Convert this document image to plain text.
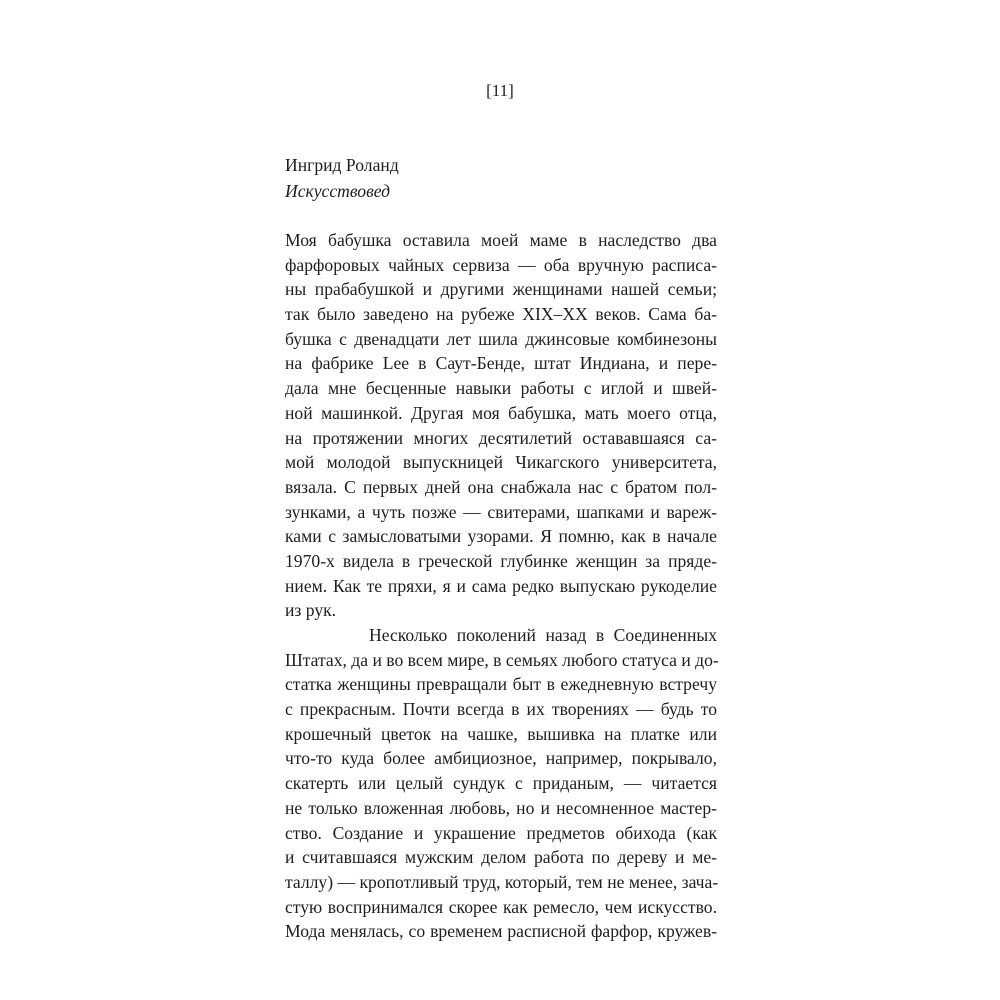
[11]
Ингрид Роланд
Искусствовед
Моя бабушка оставила моей маме в наследство два
фарфоровых чайных сервиза — оба вручную расписа-
ны прабабушкой и другими женщинами нашей семьи;
так было заведено на рубеже XIX–XX веков. Сама ба-
бушка с двенадцати лет шила джинсовые комбинезоны
на фабрике Lee в Саут-Бенде, штат Индиана, и пере-
дала мне бесценные навыки работы с иглой и швей-
ной машинкой. Другая моя бабушка, мать моего отца,
на протяжении многих десятилетий остававшаяся са-
мой молодой выпускницей Чикагского университета,
вязала. С первых дней она снабжала нас с братом пол-
зунками, а чуть позже — свитерами, шапками и вареж-
ками с замысловатыми узорами. Я помню, как в начале
1970-х видела в греческой глубинке женщин за пряде-
нием. Как те пряхи, я и сама редко выпускаю рукоделие
из рук.
Несколько поколений назад в Соединенных
Штатах, да и во всем мире, в семьях любого статуса и до-
статка женщины превращали быт в ежедневную встречу
с прекрасным. Почти всегда в их творениях — будь то
крошечный цветок на чашке, вышивка на платке или
что-то куда более амбициозное, например, покрывало,
скатерть или целый сундук с приданым, — читается
не только вложенная любовь, но и несомненное мастер-
ство. Создание и украшение предметов обихода (как
и считавшаяся мужским делом работа по дереву и ме-
таллу) — кропотливый труд, который, тем не менее, зача-
стую воспринимался скорее как ремесло, чем искусство.
Мода менялась, со временем расписной фарфор, кружев-
